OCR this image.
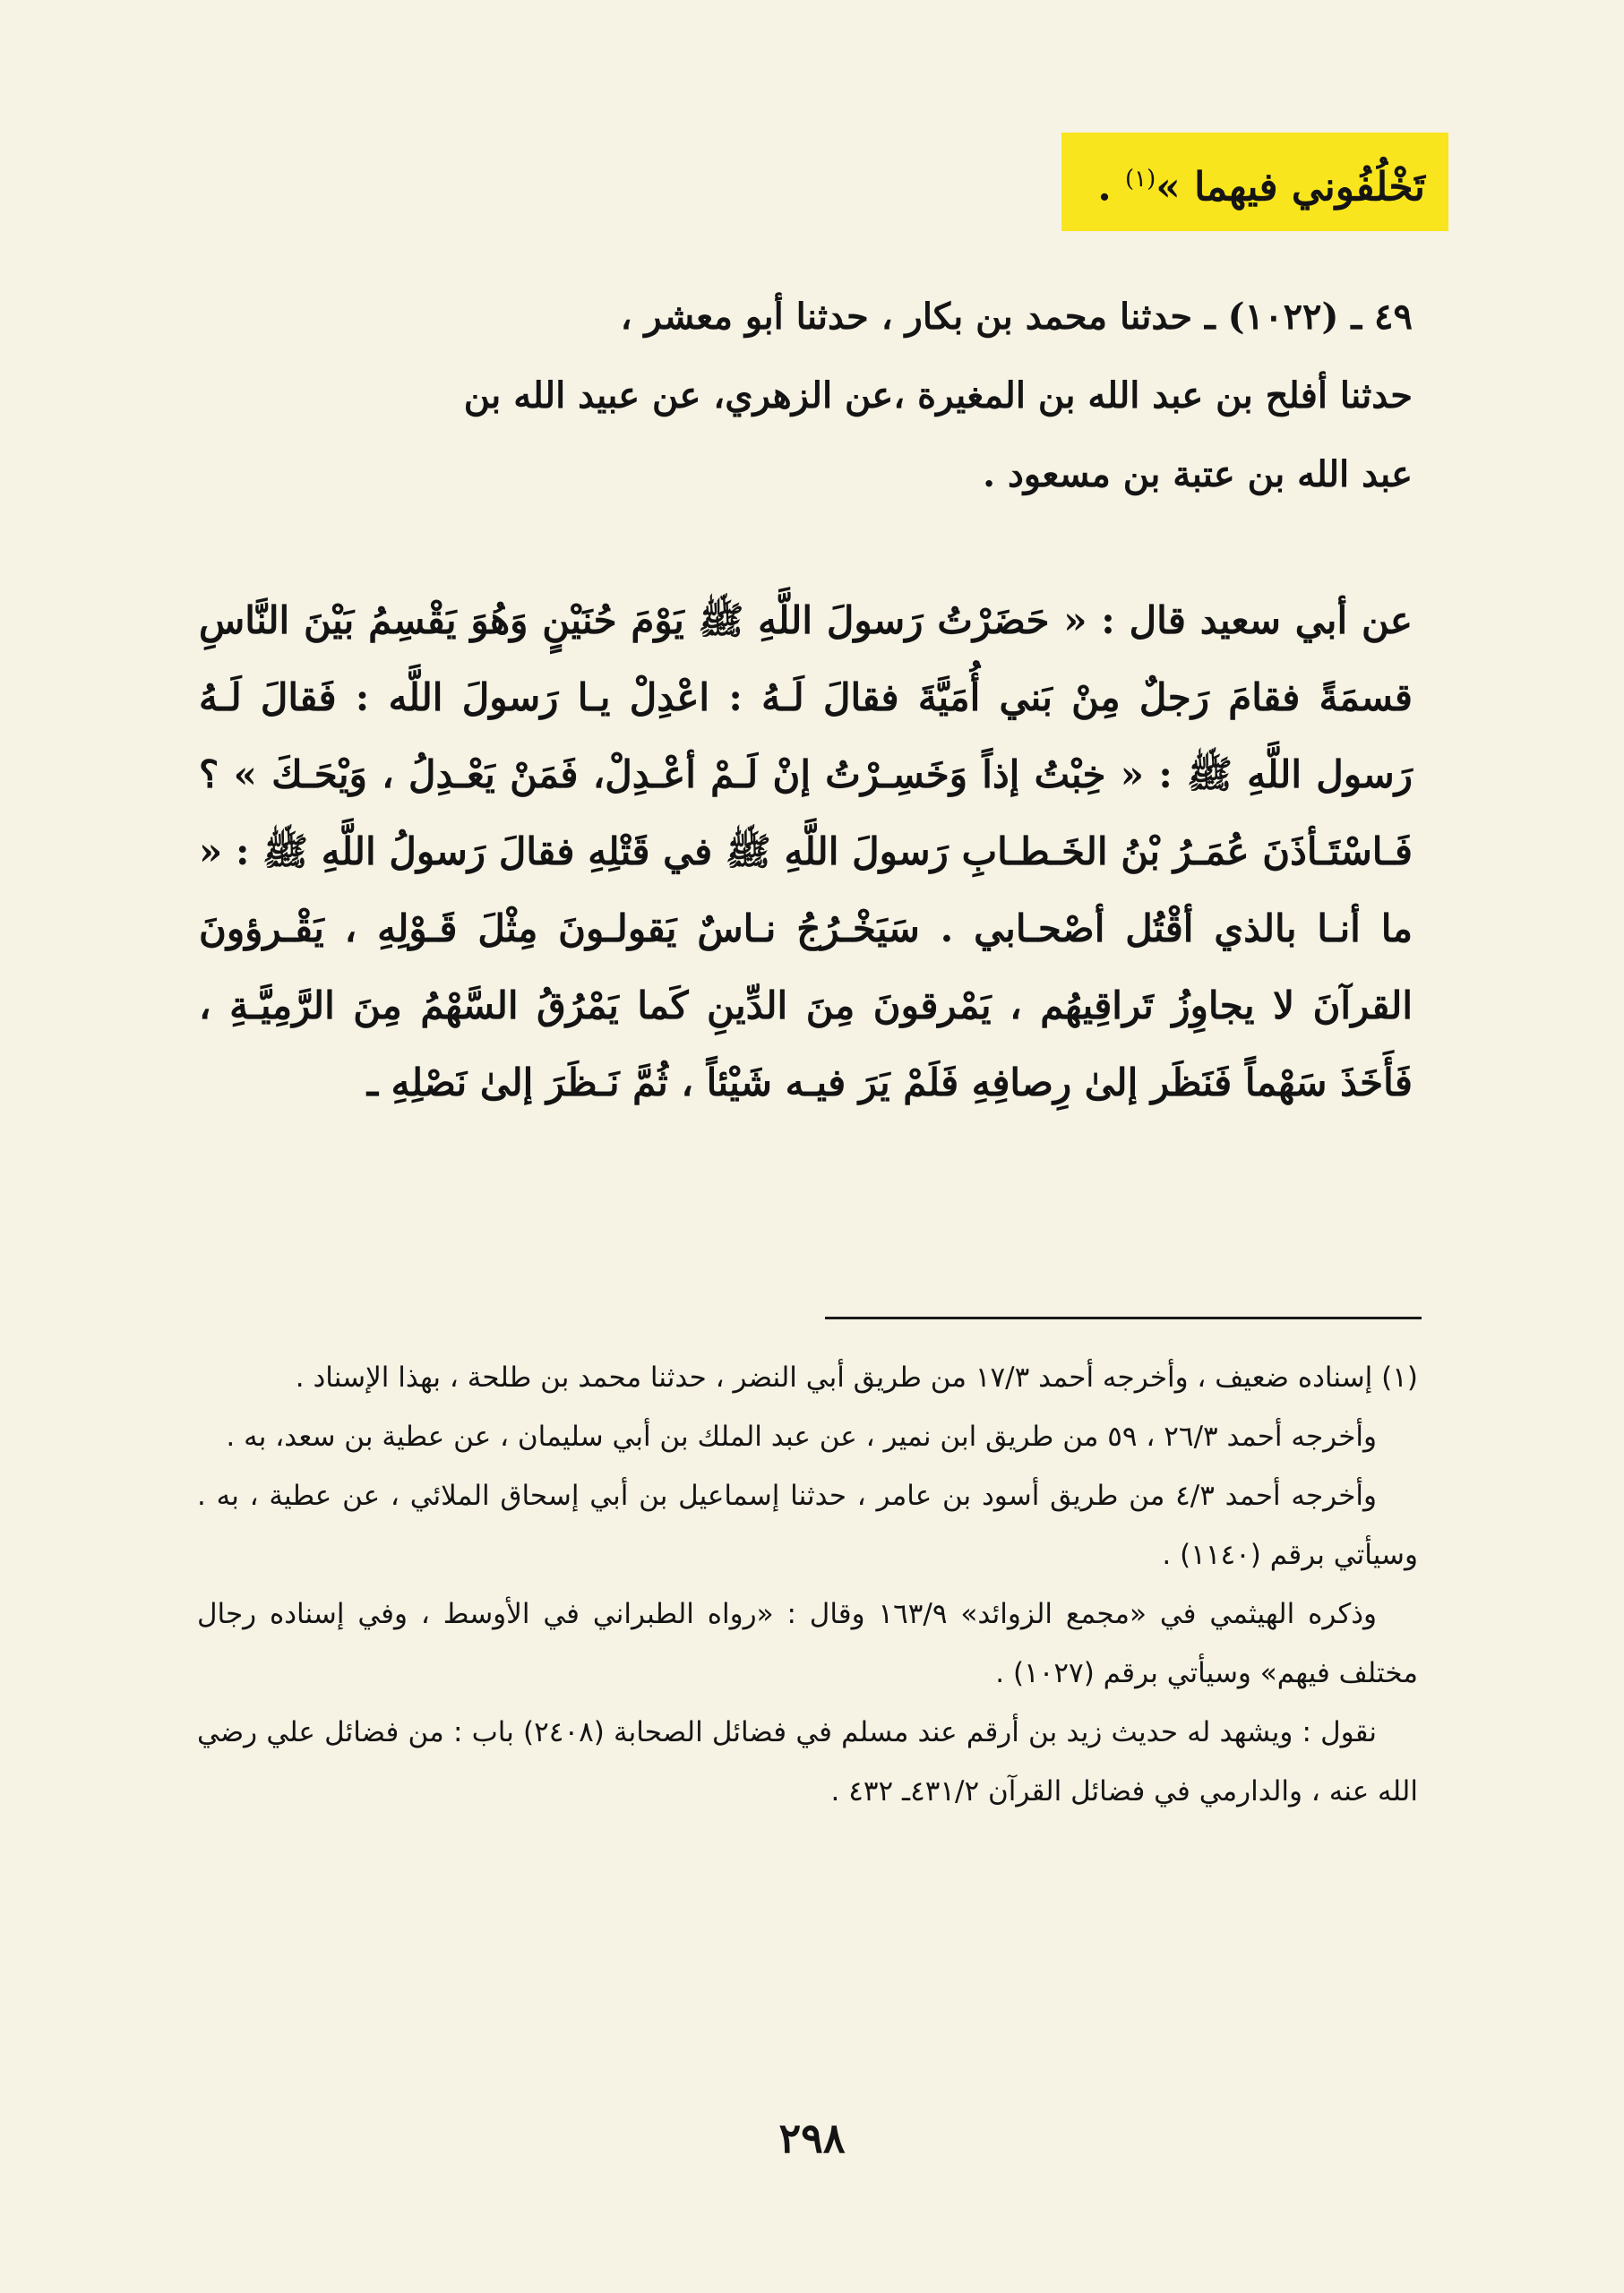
تَخْلُفُوني فيهما »$^{(١)}$ .

٤٩ ـ (١٠٢٢) ـ حدثنا محمد بن بكار ، حدثنا أبو معشر ،

حدثنا أفلح بن عبد الله بن المغيرة ،عن الزهري، عن عبيد الله بن

عبد الله بن عتبة بن مسعود .

عن أبي سعيد قال : « حَضَرْتُ رَسولَ اللَّهِ ﷺ يَوْمَ حُنَيْنٍ وَهُوَ يَقْسِمُ بَيْنَ النَّاسِ قسمَةً فقامَ رَجلٌ مِنْ بَني أُمَيَّةَ فقالَ لَـهُ : اعْدِلْ يـا رَسولَ اللَّه : فَقالَ لَـهُ رَسول اللَّهِ ﷺ : « خِبْتُ إذاً وَخَسِـرْتُ إنْ لَـمْ أعْـدِلْ، فَمَنْ يَعْـدِلُ ، وَيْحَـكَ » ؟ فَـاسْتَـأذَنَ عُمَـرُ بْنُ الخَـطـابِ رَسولَ اللَّهِ ﷺ في قَتْلِهِ فقالَ رَسولُ اللَّهِ ﷺ : « ما أنـا بالذي أقْتُل أصْحـابي . سَيَخْـرُجُ نـاسٌ يَقولـونَ مِثْلَ قَـوْلِهِ ، يَقْـرؤونَ القرآنَ لا يجاوِزُ تَراقِيهُم ، يَمْرقونَ مِنَ الدِّينِ كَما يَمْرُقُ السَّهْمُ مِنَ الرَّمِيَّـةِ ، فَأَخَذَ سَهْماً فَنَظَر إلىٰ رِصافِهِ فَلَمْ يَرَ فيـه شَيْئاً ، ثُمَّ نَـظَرَ إلىٰ نَصْلِهِ ـ

(١) إسناده ضعيف ، وأخرجه أحمد ١٧/٣ من طريق أبي النضر ، حدثنا محمد بن طلحة ، بهذا الإسناد .

وأخرجه أحمد ٢٦/٣ ، ٥٩ من طريق ابن نمير ، عن عبد الملك بن أبي سليمان ، عن عطية بن سعد، به .

وأخرجه أحمد ٤/٣ من طريق أسود بن عامر ، حدثنا إسماعيل بن أبي إسحاق الملائي ، عن عطية ، به . وسيأتي برقم (١١٤٠) .

وذكره الهيثمي في «مجمع الزوائد» ١٦٣/٩ وقال : «رواه الطبراني في الأوسط ، وفي إسناده رجال مختلف فيهم» وسيأتي برقم (١٠٢٧) .

نقول : ويشهد له حديث زيد بن أرقم عند مسلم في فضائل الصحابة (٢٤٠٨) باب : من فضائل علي رضي الله عنه ، والدارمي في فضائل القرآن ٤٣١/٢ـ ٤٣٢ .

٢٩٨
